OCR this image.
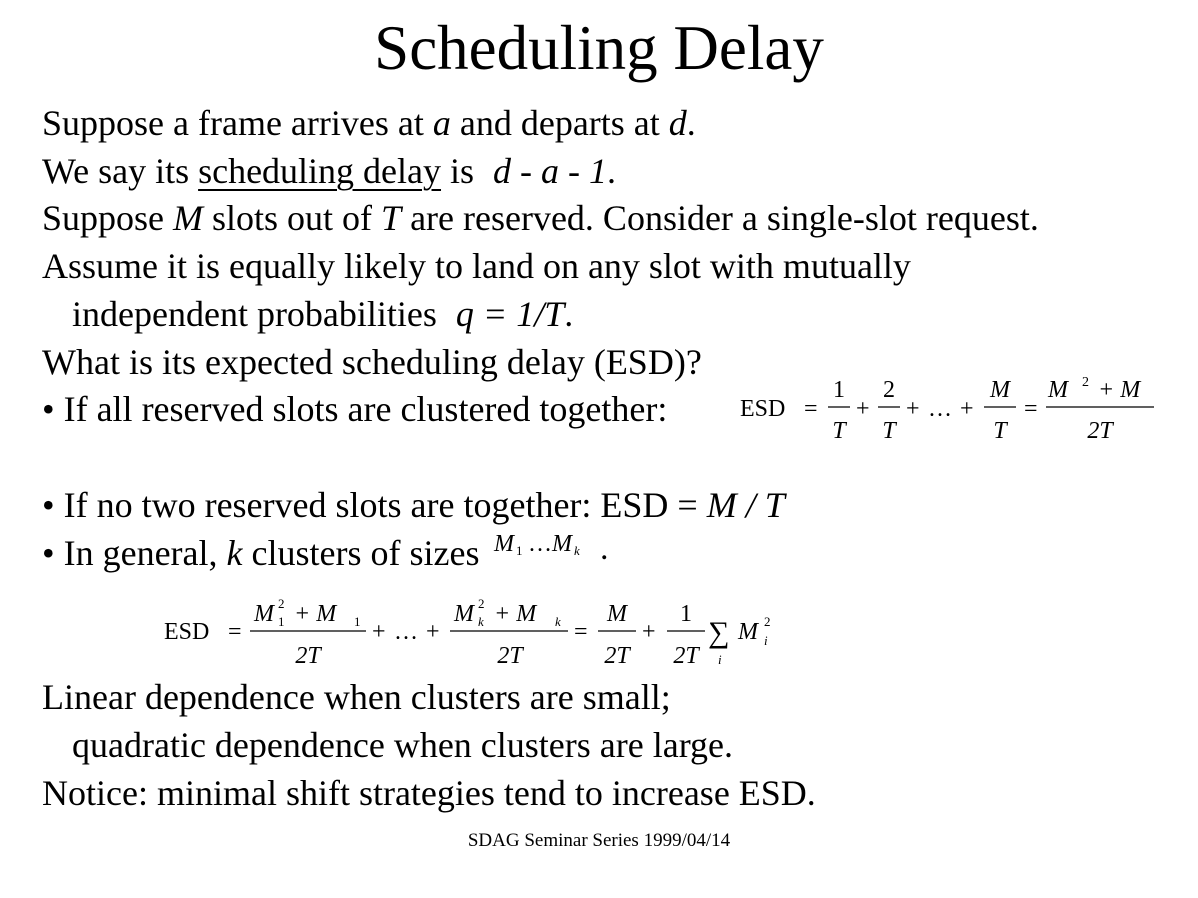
Scheduling Delay
Suppose a frame arrives at a and departs at d.
We say its scheduling delay is d - a - 1.
Suppose M slots out of T are reserved. Consider a single-slot request.
Assume it is equally likely to land on any slot with mutually
independent probabilities q = 1/T.
What is its expected scheduling delay (ESD)?
• If all reserved slots are clustered together:	ESD =
1
T
+
2
T
+ … +
M
T
=
M 2 + M
2T
• If no two reserved slots are together: ESD = M / T
• In general, k clusters of sizes M 1 … M k .
ESD =
M 2
1 + M 1
2T
+ … +
M 2
k + M k
2T
=
M
2T
+
1
2T
∑
i
M 2
i
Linear dependence when clusters are small;
quadratic dependence when clusters are large.
Notice: minimal shift strategies tend to increase ESD.
SDAG Seminar Series 1999/04/14
